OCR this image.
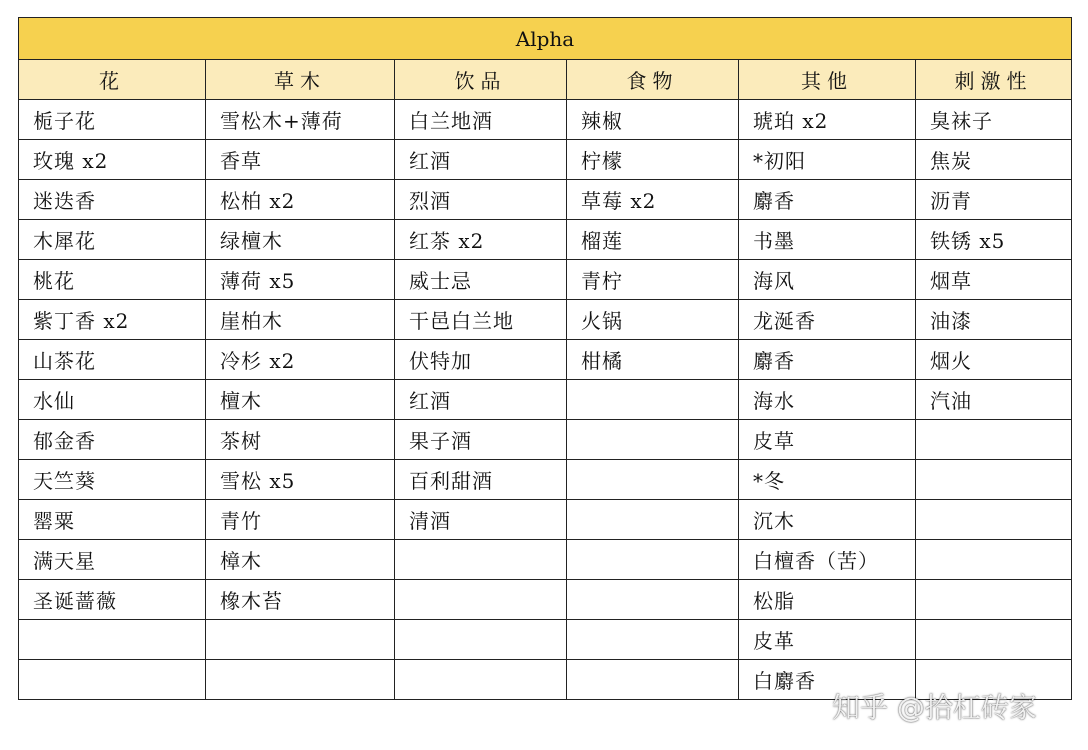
Alpha					
花	草木	饮品	食物	其他	刺激性
栀子花	雪松木+薄荷	白兰地酒	辣椒	琥珀 x2	臭袜子
玫瑰 x2	香草	红酒	柠檬	*初阳	焦炭
迷迭香	松柏 x2	烈酒	草莓 x2	麝香	沥青
木犀花	绿檀木	红茶 x2	榴莲	书墨	铁锈 x5
桃花	薄荷 x5	威士忌	青柠	海风	烟草
紫丁香 x2	崖柏木	干邑白兰地	火锅	龙涎香	油漆
山茶花	冷杉 x2	伏特加	柑橘	麝香	烟火
水仙	檀木	红酒		海水	汽油
郁金香	茶树	果子酒		皮草	
天竺葵	雪松 x5	百利甜酒		*冬	
罂粟	青竹	清酒		沉木	
满天星	樟木			白檀香（苦）	
圣诞蔷薇	橡木苔			松脂	
				皮革	
				白麝香	
知乎 @拾杠砖家
